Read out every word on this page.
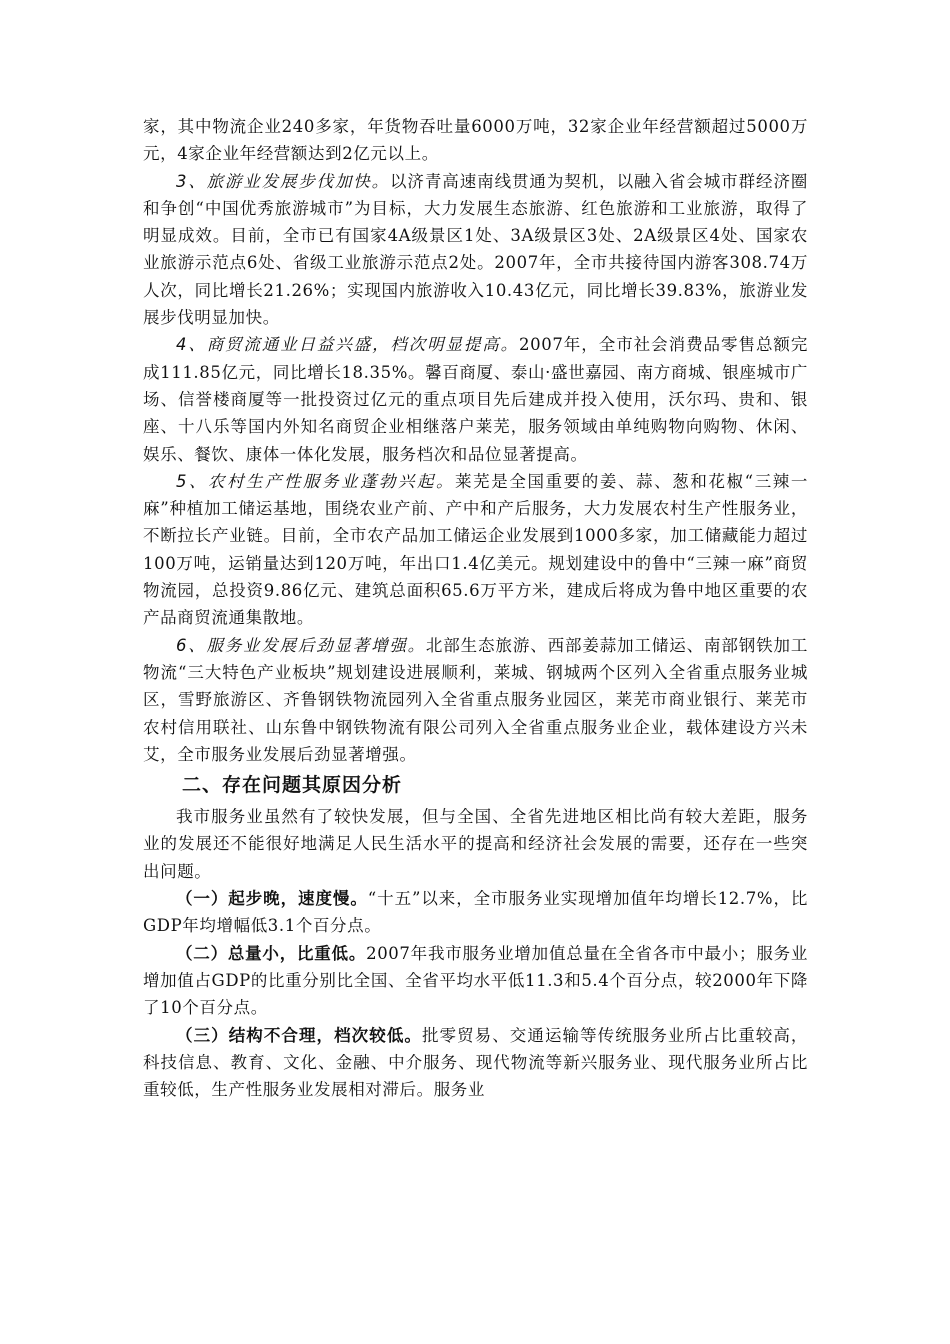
家，其中物流企业240多家，年货物吞吐量6000万吨，32家企业年经营额超过5000万元，4家企业年经营额达到2亿元以上。

3、旅游业发展步伐加快。以济青高速南线贯通为契机，以融入省会城市群经济圈和争创“中国优秀旅游城市”为目标，大力发展生态旅游、红色旅游和工业旅游，取得了明显成效。目前，全市已有国家4A级景区1处、3A级景区3处、2A级景区4处、国家农业旅游示范点6处、省级工业旅游示范点2处。2007年，全市共接待国内游客308.74万人次，同比增长21.26%；实现国内旅游收入10.43亿元，同比增长39.83%，旅游业发展步伐明显加快。

4、商贸流通业日益兴盛，档次明显提高。2007年，全市社会消费品零售总额完成111.85亿元，同比增长18.35%。馨百商厦、泰山·盛世嘉园、南方商城、银座城市广场、信誉楼商厦等一批投资过亿元的重点项目先后建成并投入使用，沃尔玛、贵和、银座、十八乐等国内外知名商贸企业相继落户莱芜，服务领域由单纯购物向购物、休闲、娱乐、餐饮、康体一体化发展，服务档次和品位显著提高。

5、农村生产性服务业蓬勃兴起。莱芜是全国重要的姜、蒜、葱和花椒“三辣一麻”种植加工储运基地，围绕农业产前、产中和产后服务，大力发展农村生产性服务业，不断拉长产业链。目前，全市农产品加工储运企业发展到1000多家，加工储藏能力超过100万吨，运销量达到120万吨，年出口1.4亿美元。规划建设中的鲁中“三辣一麻”商贸物流园，总投资9.86亿元、建筑总面积65.6万平方米，建成后将成为鲁中地区重要的农产品商贸流通集散地。

6、服务业发展后劲显著增强。北部生态旅游、西部姜蒜加工储运、南部钢铁加工物流“三大特色产业板块”规划建设进展顺利，莱城、钢城两个区列入全省重点服务业城区，雪野旅游区、齐鲁钢铁物流园列入全省重点服务业园区，莱芜市商业银行、莱芜市农村信用联社、山东鲁中钢铁物流有限公司列入全省重点服务业企业，载体建设方兴未艾，全市服务业发展后劲显著增强。

二、存在问题其原因分析

我市服务业虽然有了较快发展，但与全国、全省先进地区相比尚有较大差距，服务业的发展还不能很好地满足人民生活水平的提高和经济社会发展的需要，还存在一些突出问题。

（一）起步晚，速度慢。“十五”以来，全市服务业实现增加值年均增长12.7%，比GDP年均增幅低3.1个百分点。

（二）总量小，比重低。2007年我市服务业增加值总量在全省各市中最小；服务业增加值占GDP的比重分别比全国、全省平均水平低11.3和5.4个百分点，较2000年下降了10个百分点。

（三）结构不合理，档次较低。批零贸易、交通运输等传统服务业所占比重较高，科技信息、教育、文化、金融、中介服务、现代物流等新兴服务业、现代服务业所占比重较低，生产性服务业发展相对滞后。服务业
